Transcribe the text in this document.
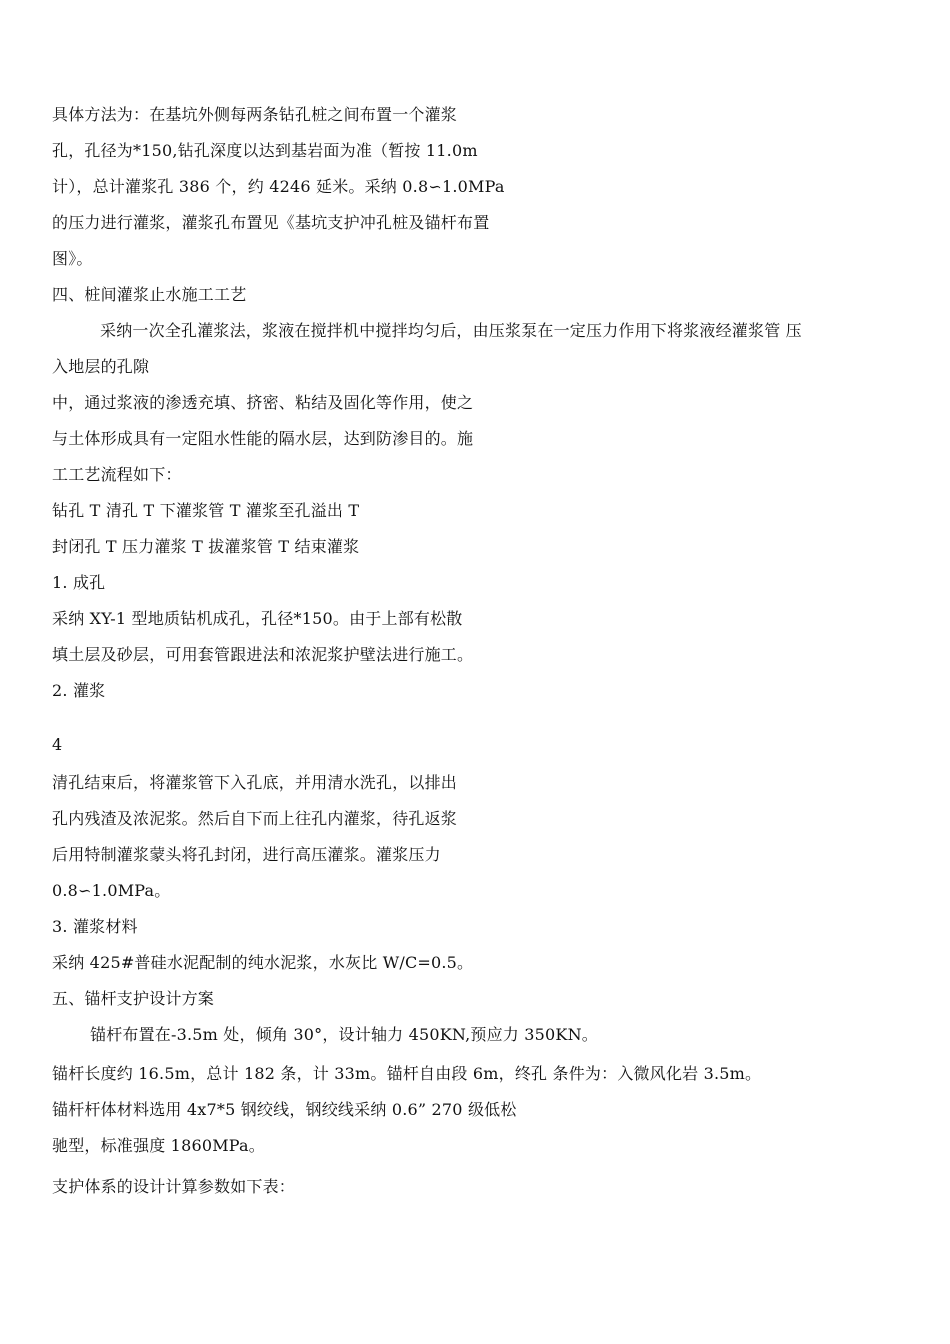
具体方法为：在基坑外侧每两条钻孔桩之间布置一个灌浆
孔，孔径为*150,钻孔深度以达到基岩面为准（暂按 11.0m
计），总计灌浆孔 386 个，约 4246 延米。采纳 0.8∽1.0MPa
的压力进行灌浆，灌浆孔布置见《基坑支护冲孔桩及锚杆布置
图》。
四、桩间灌浆止水施工工艺
采纳一次全孔灌浆法，浆液在搅拌机中搅拌均匀后，由压浆泵在一定压力作用下将浆液经灌浆管 压
入地层的孔隙
中，通过浆液的渗透充填、挤密、粘结及固化等作用，使之
与土体形成具有一定阻水性能的隔水层，达到防渗目的。施
工工艺流程如下：
钻孔 T 清孔 T 下灌浆管 T 灌浆至孔溢出 T
封闭孔 T 压力灌浆 T 拔灌浆管 T 结束灌浆
1. 成孔
采纳 XY-1 型地质钻机成孔，孔径*150。由于上部有松散
填土层及砂层，可用套管跟进法和浓泥浆护壁法进行施工。
2. 灌浆
4
清孔结束后，将灌浆管下入孔底，并用清水洗孔，以排出
孔内残渣及浓泥浆。然后自下而上往孔内灌浆，待孔返浆
后用特制灌浆蒙头将孔封闭，进行高压灌浆。灌浆压力
0.8∽1.0MPa。
3. 灌浆材料
采纳 425#普硅水泥配制的纯水泥浆，水灰比 W/C=0.5。
五、锚杆支护设计方案
锚杆布置在-3.5m 处，倾角 30°，设计轴力 450KN,预应力 350KN。
锚杆长度约 16.5m，总计 182 条，计 33m。锚杆自由段 6m，终孔 条件为：入微风化岩 3.5m。
锚杆杆体材料选用 4x7*5 钢绞线，钢绞线采纳 0.6” 270 级低松
驰型，标准强度 1860MPa。
支护体系的设计计算参数如下表：
